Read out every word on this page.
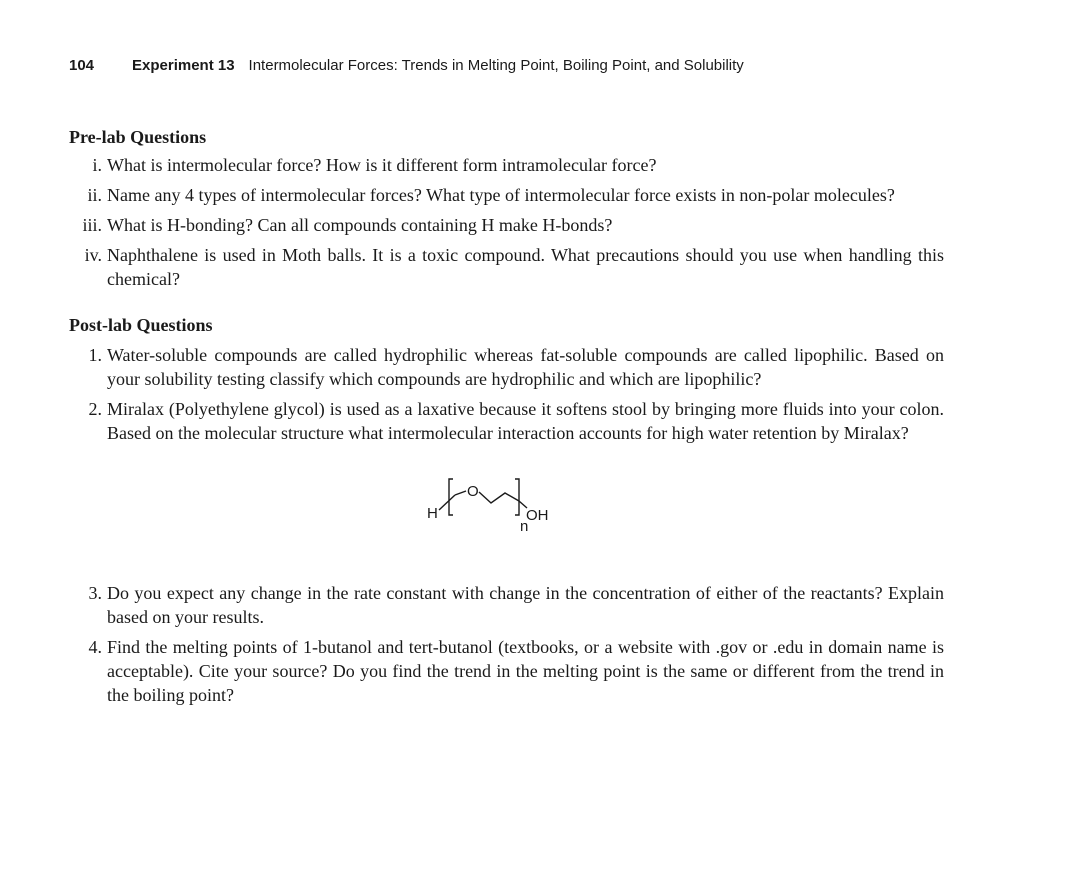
104	Experiment 13 Intermolecular Forces: Trends in Melting Point, Boiling Point, and Solubility
Pre-lab Questions
i. What is intermolecular force? How is it different form intramolecular force?
ii. Name any 4 types of intermolecular forces? What type of intermolecular force exists in non-polar molecules?
iii. What is H-bonding? Can all compounds containing H make H-bonds?
iv. Naphthalene is used in Moth balls. It is a toxic compound. What precautions should you use when handling this chemical?
Post-lab Questions
1. Water-soluble compounds are called hydrophilic whereas fat-soluble compounds are called lipophilic. Based on your solubility testing classify which compounds are hydrophilic and which are lipophilic?
2. Miralax (Polyethylene glycol) is used as a laxative because it softens stool by bringing more fluids into your colon. Based on the molecular structure what intermolecular interaction accounts for high water retention by Miralax?
H
O
OH
n
3. Do you expect any change in the rate constant with change in the concentration of either of the reactants? Explain based on your results.
4. Find the melting points of 1-butanol and tert-butanol (textbooks, or a website with .gov or .edu in domain name is acceptable). Cite your source? Do you find the trend in the melting point is the same or different from the trend in the boiling point?
